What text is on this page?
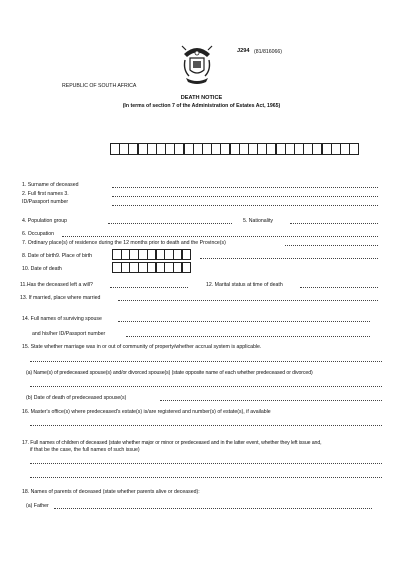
J294 (81/816066)
REPUBLIC OF SOUTH AFRICA
DEATH NOTICE
(In terms of section 7 of the Administration of Estates Act, 1965)
1. Surname of deceased
2. Full first names 3.
ID/Passport number
4. Population group	5. Nationality
6. Occupation
7. Ordinary place(s) of residence during the 12 months prior to death and the Province(s)
8. Date of birth9. Place of birth
10. Date of death
11.Has the deceased left a will?	12. Marital status at time of death
13. If married, place where married
14. Full names of surviving spouse
and his/her ID/Passport number
15. State whether marriage was in or out of community of property/whether accrual system is applicable.
(a) Name(s) of predeceased spouse(s) and/or divorced spouse(s) (state opposite name of each whether predeceased or divorced)
(b) Date of death of predeceased spouse(s)
16. Master's office(s) where predeceased's estate(s) is/are registered and number(s) of estate(s), if available
17. Full names of children of deceased (state whether major or minor or predeceased and in the latter event, whether they left issue and,
if that be the case, the full names of such issue)
18. Names of parents of deceased (state whether parents alive or deceased):
(a) Father
